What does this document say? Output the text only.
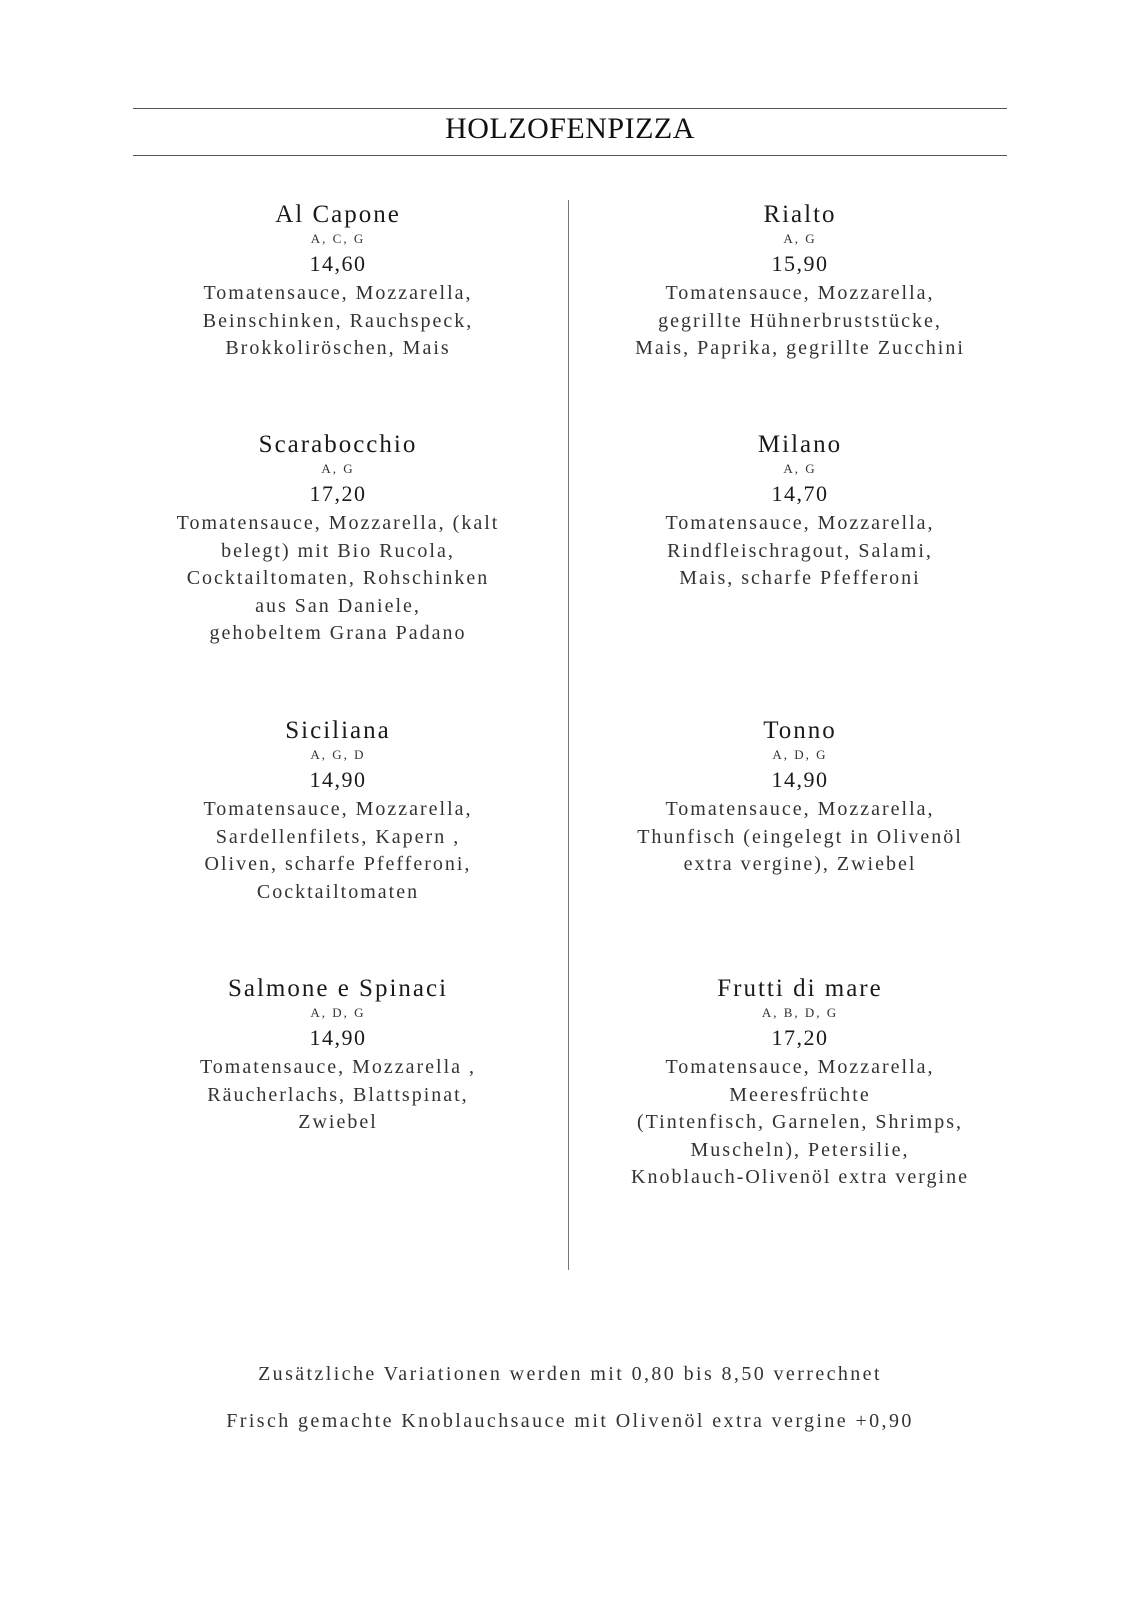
HOLZOFENPIZZA
Al Capone
A, C, G
14,60
Tomatensauce, Mozzarella,
Beinschinken, Rauchspeck,
Brokkoliröschen, Mais
Scarabocchio
A, G
17,20
Tomatensauce, Mozzarella, (kalt
belegt) mit Bio Rucola,
Cocktailtomaten, Rohschinken
aus San Daniele,
gehobeltem Grana Padano
Siciliana
A, G, D
14,90
Tomatensauce, Mozzarella,
Sardellenfilets, Kapern ,
Oliven, scharfe Pfefferoni,
Cocktailtomaten
Salmone e Spinaci
A, D, G
14,90
Tomatensauce, Mozzarella ,
Räucherlachs, Blattspinat,
Zwiebel
Rialto
A, G
15,90
Tomatensauce, Mozzarella,
gegrillte Hühnerbruststücke,
Mais, Paprika, gegrillte Zucchini
Milano
A, G
14,70
Tomatensauce, Mozzarella,
Rindfleischragout, Salami,
Mais, scharfe Pfefferoni
Tonno
A, D, G
14,90
Tomatensauce, Mozzarella,
Thunfisch (eingelegt in Olivenöl
extra vergine), Zwiebel
Frutti di mare
A, B, D, G
17,20
Tomatensauce, Mozzarella,
Meeresfrüchte
(Tintenfisch, Garnelen, Shrimps,
Muscheln), Petersilie,
Knoblauch-Olivenöl extra vergine
Zusätzliche Variationen werden mit 0,80 bis 8,50 verrechnet
Frisch gemachte Knoblauchsauce mit Olivenöl extra vergine +0,90
